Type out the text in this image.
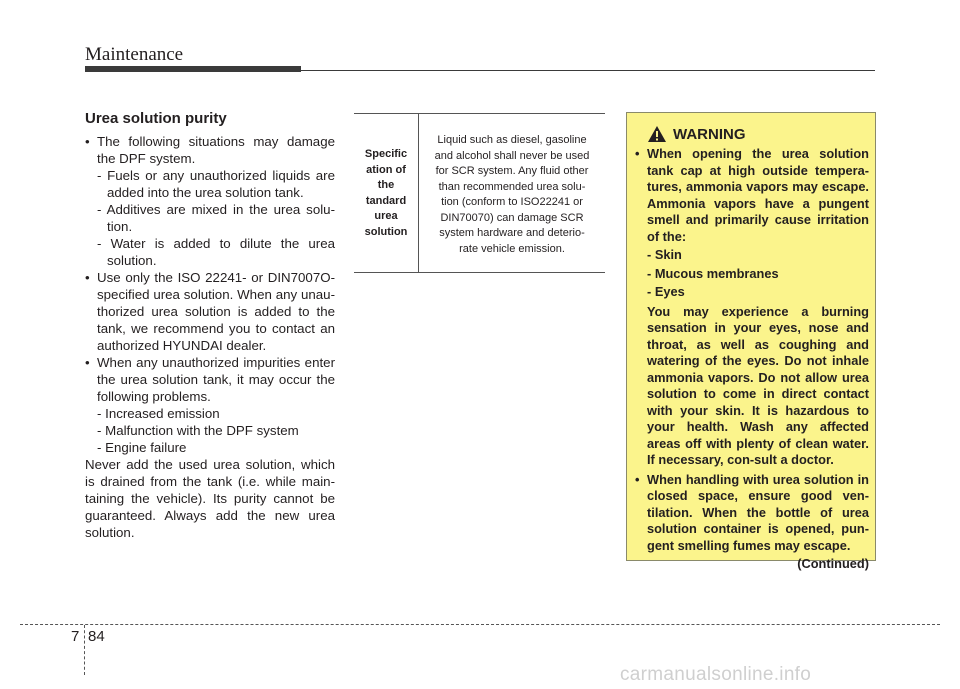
Maintenance
Urea solution purity

• The following situations may damage the DPF system.

- Fuels or any unauthorized liquids are added into the urea solution tank.

- Additives are mixed in the urea solu-tion.

- Water is added to dilute the urea solution.

• Use only the ISO 22241- or DIN7007O-specified urea solution. When any unau-thorized urea solution is added to the tank, we recommend you to contact an authorized HYUNDAI dealer.

• When any unauthorized impurities enter the urea solution tank, it may occur the following problems.

- Increased emission

- Malfunction with the DPF system

- Engine failure

Never add the used urea solution, which is drained from the tank (i.e. while main-taining the vehicle). Its purity cannot be guaranteed. Always add the new urea solution.

Specific
ation of
the
tandard
urea
solution
Liquid such as diesel, gasoline
and alcohol shall never be used
for SCR system. Any fluid other
than recommended urea solu-
tion (conform to ISO22241 or
DIN70070) can damage SCR
system hardware and deterio-
rate vehicle emission.
WARNING

• When opening the urea solution tank cap at high outside tempera-tures, ammonia vapors may escape. Ammonia vapors have a pungent smell and primarily cause irritation of the:

- Skin

- Mucous membranes

- Eyes

You may experience a burning sensation in your eyes, nose and throat, as well as coughing and watering of the eyes. Do not inhale ammonia vapors. Do not allow urea solution to come in direct contact with your skin. It is hazardous to your health. Wash any affected areas off with plenty of clean water. If necessary, con-sult a doctor.

• When handling with urea solution in closed space, ensure good ven-tilation. When the bottle of urea solution container is opened, pun-gent smelling fumes may escape.

(Continued)

7 84
carmanualsonline.info
